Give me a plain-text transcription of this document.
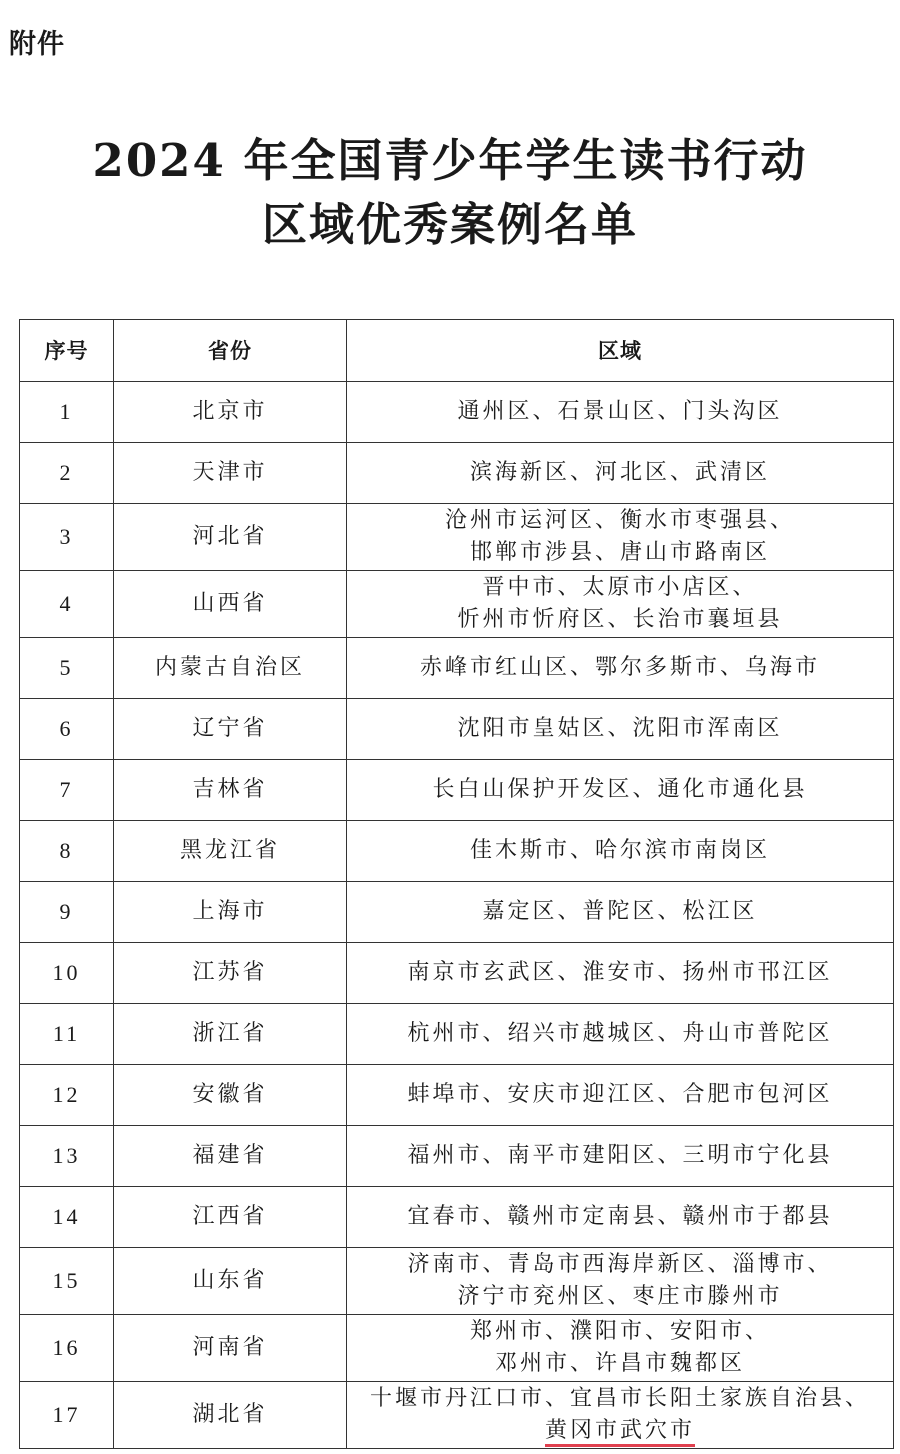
附件
2024 年全国青少年学生读书行动
区域优秀案例名单
序号	省份	区域
1	北京市	通州区、石景山区、门头沟区

2	天津市	滨海新区、河北区、武清区

3	河北省	沧州市运河区、衡水市枣强县、
邯郸市涉县、唐山市路南区

4	山西省	晋中市、太原市小店区、
忻州市忻府区、长治市襄垣县

5	内蒙古自治区	赤峰市红山区、鄂尔多斯市、乌海市

6	辽宁省	沈阳市皇姑区、沈阳市浑南区

7	吉林省	长白山保护开发区、通化市通化县

8	黑龙江省	佳木斯市、哈尔滨市南岗区

9	上海市	嘉定区、普陀区、松江区

10	江苏省	南京市玄武区、淮安市、扬州市邗江区

11	浙江省	杭州市、绍兴市越城区、舟山市普陀区

12	安徽省	蚌埠市、安庆市迎江区、合肥市包河区

13	福建省	福州市、南平市建阳区、三明市宁化县

14	江西省	宜春市、赣州市定南县、赣州市于都县

15	山东省	济南市、青岛市西海岸新区、淄博市、
济宁市兖州区、枣庄市滕州市

16	河南省	郑州市、濮阳市、安阳市、
邓州市、许昌市魏都区

17	湖北省	十堰市丹江口市、宜昌市长阳土家族自治县、
黄冈市武穴市
